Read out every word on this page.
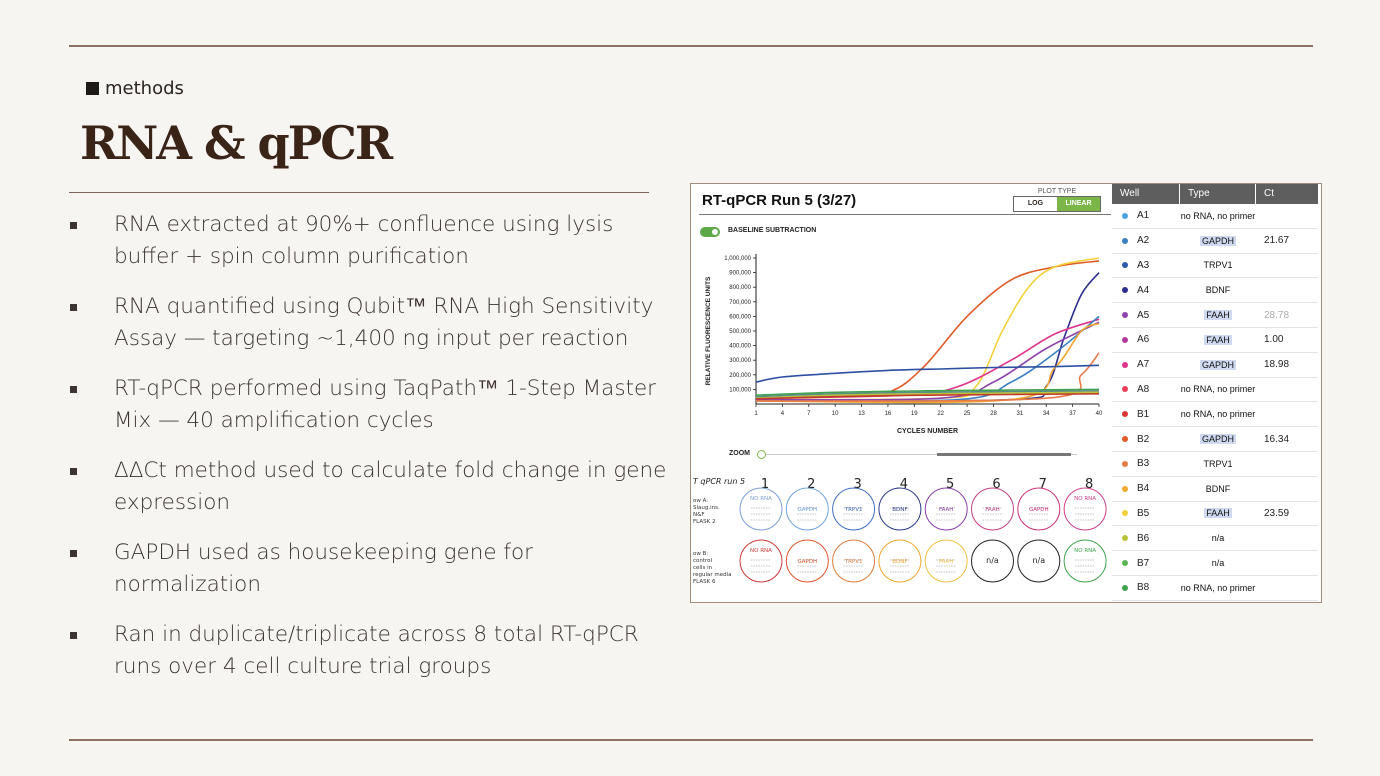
methods
RNA & qPCR
RNA extracted at 90%+ confluence using lysis buffer + spin column purification
RNA quantified using Qubit™ RNA High Sensitivity Assay — targeting ~1,400 ng input per reaction
RT-qPCR performed using TaqPath™ 1-Step Master Mix — 40 amplification cycles
ΔΔCt method used to calculate fold change in gene expression
GAPDH used as housekeeping gene for normalization
Ran in duplicate/triplicate across 8 total RT-qPCR runs over 4 cell culture trial groups
RT-qPCR Run 5 (3/27)
PLOT TYPE
LOG	LINEAR
BASELINE SUBTRACTION
100,000
200,000
300,000
400,000
500,000
600,000
700,000
800,000
900,000
1,000,000
1	4	7	10	13	16	19	22	25	28	31	34	37	40
CYCLES NUMBER
RELATIVE FLUORESCENCE UNITS
ZOOM
T qPCR run 5
ow A:
Slaug.ins.
N&F
FLASK 2
ow B:
control
cells in
regular media
FLASK 6
1
NO RNA
NO RNA
2
GAPDH
GAPDH
3
TRPV1
TRPV1
4
BDNF
BDNF
5
FAAH
FAAH
6
FAAH
n/a
7
GAPDH
n/a
8
NO RNA
NO RNA
Well	Type	Ct
A1	no RNA, no primer
A2	GAPDH	21.67
A3	TRPV1
A4	BDNF
A5	FAAH	28.78
A6	FAAH	1.00
A7	GAPDH	18.98
A8	no RNA, no primer
B1	no RNA, no primer
B2	GAPDH	16.34
B3	TRPV1
B4	BDNF
B5	FAAH	23.59
B6	n/a
B7	n/a
B8	no RNA, no primer
